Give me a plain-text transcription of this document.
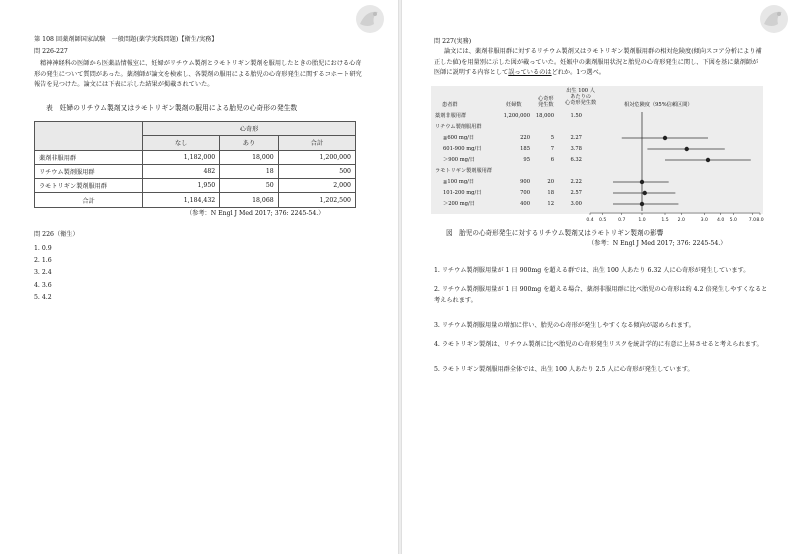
第 108 回薬剤師国家試験　一般問題(薬学実践問題)【衛生/実務】
問 226-227
精神神経科の医師から医薬品情報室に、妊婦がリチウム製剤とラモトリギン製剤を服用したときの胎児における心奇形の発生について質問があった。薬剤師が論文を検索し、各製剤の服用による胎児の心奇形発生に関するコホート研究報告を見つけた。論文には下表に示した結果が掲載されていた。
表　妊婦のリチウム製剤又はラモトリギン製剤の服用による胎児の心奇形の発生数
	心奇形		
	なし	あり	合計
薬剤非服用群	1,182,000	18,000	1,200,000
リチウム製剤服用群	482	18	500
ラモトリギン製剤服用群	1,950	50	2,000
合計	1,184,432	18,068	1,202,500
（参考：N Engl J Med 2017; 376: 2245-54.）
問 226（衛生）
1. 0.9
2. 1.6
3. 2.4
4. 3.6
5. 4.2
問 227(実務)
論文には、薬剤非服用群に対するリチウム製剤又はラモトリギン製剤服用群の相対危険度(傾向スコア分析により補正した値)を用量別に示した図が載っていた。妊娠中の薬剤服用状況と胎児の心奇形発生に関し、下図を基に薬剤師が医師に説明する内容として誤っているのはどれか。1つ選べ。
患者群	妊婦数
心奇形
発生数
出生 100 人
あたりの
心奇形発生数	相対危険度（95%信頼区間）
薬剤非服用群	1,200,000	18,000	1.50
リチウム製剤服用群
≦600 mg/日	220	5	2.27
601-900 mg/日	185	7	3.78
＞900 mg/日	95	6	6.32
ラモトリギン製剤服用群
≦100 mg/日	900	20	2.22
101-200 mg/日	700	18	2.57
＞200 mg/日	400	12	3.00
0.4 0.5	0.7	1.0	1.5 2.0	3.0 4.0 5.0	7.0 8.0
図　胎児の心奇形発生に対するリチウム製剤又はラモトリギン製剤の影響
（参考：N Engl J Med 2017; 376: 2245-54.）
1. リチウム製剤服用量が 1 日 900mg を超える群では、出生 100 人あたり 6.32 人に心奇形が発生しています。
2. リチウム製剤服用量が 1 日 900mg を超える場合、薬剤非服用群に比べ胎児の心奇形は約 4.2 倍発生しやすくなると考えられます。
3. リチウム製剤服用量の増加に伴い、胎児の心奇形が発生しやすくなる傾向が認められます。
4. ラモトリギン製剤は、リチウム製剤に比べ胎児の心奇形発生リスクを統計学的に有意に上昇させると考えられます。
5. ラモトリギン製剤服用群全体では、出生 100 人あたり 2.5 人に心奇形が発生しています。
